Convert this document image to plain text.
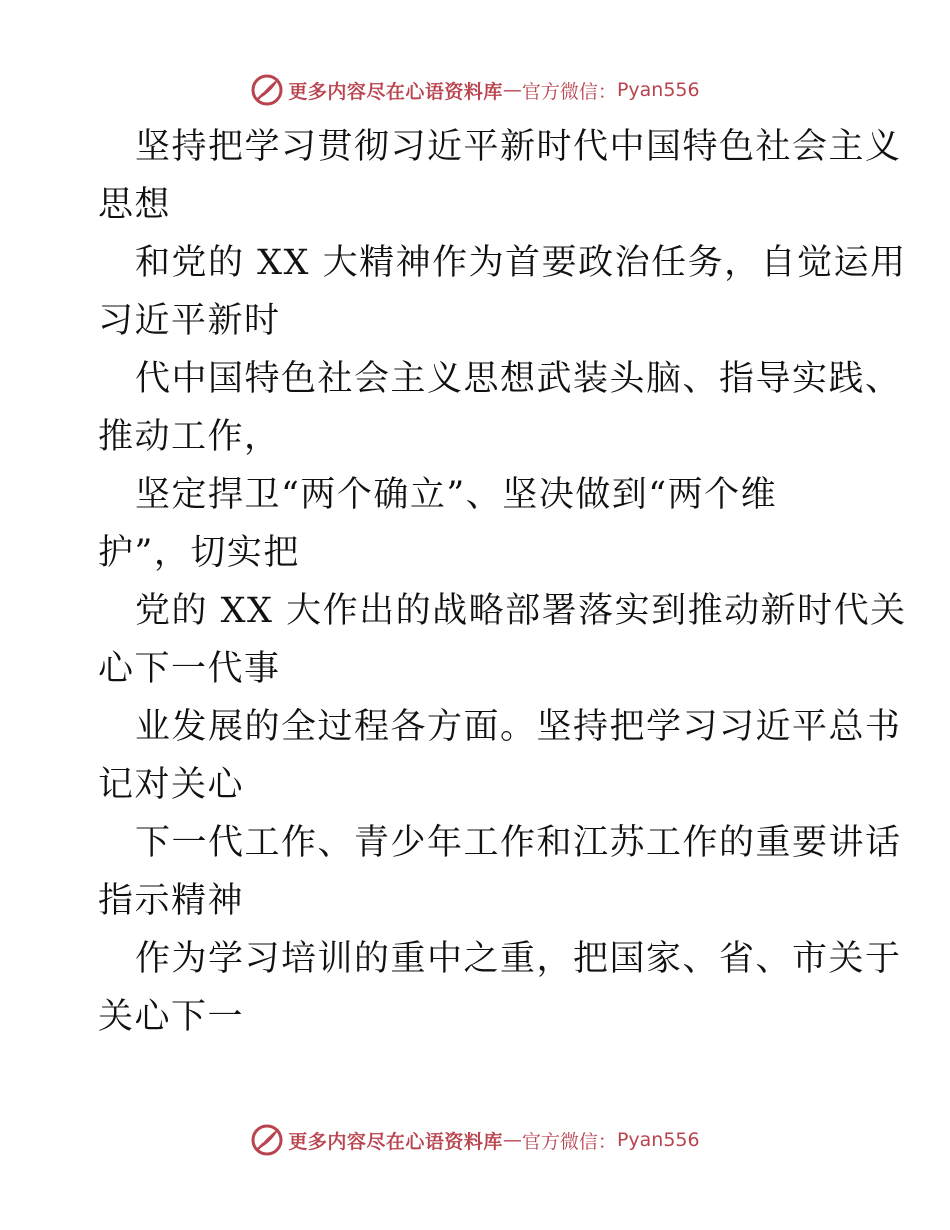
更多内容尽在心语资料库 — 官方微信： Pyan556
坚持把学习贯彻习近平新时代中国特色社会主义
思想
和党的 XX 大精神作为首要政治任务，自觉运用
习近平新时
代中国特色社会主义思想武装头脑、指导实践、
推动工作，
坚定捍卫“两个确立”、坚决做到“两个维
护”，切实把
党的 XX 大作出的战略部署落实到推动新时代关
心下一代事
业发展的全过程各方面。坚持把学习习近平总书
记对关心
下一代工作、青少年工作和江苏工作的重要讲话
指示精神
作为学习培训的重中之重，把国家、省、市关于
关心下一
更多内容尽在心语资料库 — 官方微信： Pyan556
